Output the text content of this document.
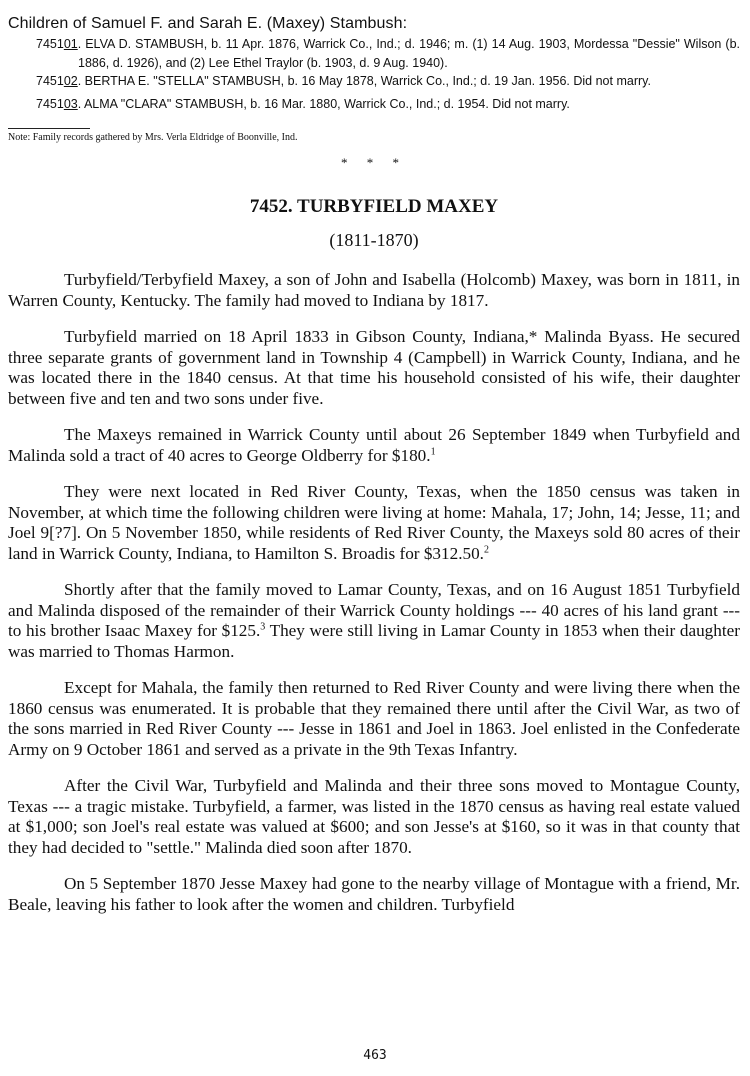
Children of Samuel F. and Sarah E. (Maxey) Stambush:
745101. ELVA D. STAMBUSH, b. 11 Apr. 1876, Warrick Co., Ind.; d. 1946; m. (1) 14 Aug. 1903, Mordessa "Dessie" Wilson (b. 1886, d. 1926), and (2) Lee Ethel Traylor (b. 1903, d. 9 Aug. 1940).
745102. BERTHA E. "STELLA" STAMBUSH, b. 16 May 1878, Warrick Co., Ind.; d. 19 Jan. 1956. Did not marry.
745103. ALMA "CLARA" STAMBUSH, b. 16 Mar. 1880, Warrick Co., Ind.; d. 1954. Did not marry.
Note: Family records gathered by Mrs. Verla Eldridge of Boonville, Ind.
* * *
7452. TURBYFIELD MAXEY
(1811-1870)

Turbyfield/Terbyfield Maxey, a son of John and Isabella (Holcomb) Maxey, was born in 1811, in Warren County, Kentucky. The family had moved to Indiana by 1817.

Turbyfield married on 18 April 1833 in Gibson County, Indiana,* Malinda Byass. He secured three separate grants of government land in Township 4 (Campbell) in Warrick County, Indiana, and he was located there in the 1840 census. At that time his household consisted of his wife, their daughter between five and ten and two sons under five.

The Maxeys remained in Warrick County until about 26 September 1849 when Turbyfield and Malinda sold a tract of 40 acres to George Oldberry for $180.$^1$

They were next located in Red River County, Texas, when the 1850 census was taken in November, at which time the following children were living at home: Mahala, 17; John, 14; Jesse, 11; and Joel 9[?7]. On 5 November 1850, while residents of Red River County, the Maxeys sold 80 acres of their land in Warrick County, Indiana, to Hamilton S. Broadis for $312.50.$^2$

Shortly after that the family moved to Lamar County, Texas, and on 16 August 1851 Turbyfield and Malinda disposed of the remainder of their Warrick County holdings --- 40 acres of his land grant --- to his brother Isaac Maxey for $125.$^3$ They were still living in Lamar County in 1853 when their daughter was married to Thomas Harmon.

Except for Mahala, the family then returned to Red River County and were living there when the 1860 census was enumerated. It is probable that they remained there until after the Civil War, as two of the sons married in Red River County --- Jesse in 1861 and Joel in 1863. Joel enlisted in the Confederate Army on 9 October 1861 and served as a private in the 9th Texas Infantry.

After the Civil War, Turbyfield and Malinda and their three sons moved to Montague County, Texas --- a tragic mistake. Turbyfield, a farmer, was listed in the 1870 census as having real estate valued at $1,000; son Joel's real estate was valued at $600; and son Jesse's at $160, so it was in that county that they had decided to "settle." Malinda died soon after 1870.

On 5 September 1870 Jesse Maxey had gone to the nearby village of Montague with a friend, Mr. Beale, leaving his father to look after the women and children. Turbyfield

463
